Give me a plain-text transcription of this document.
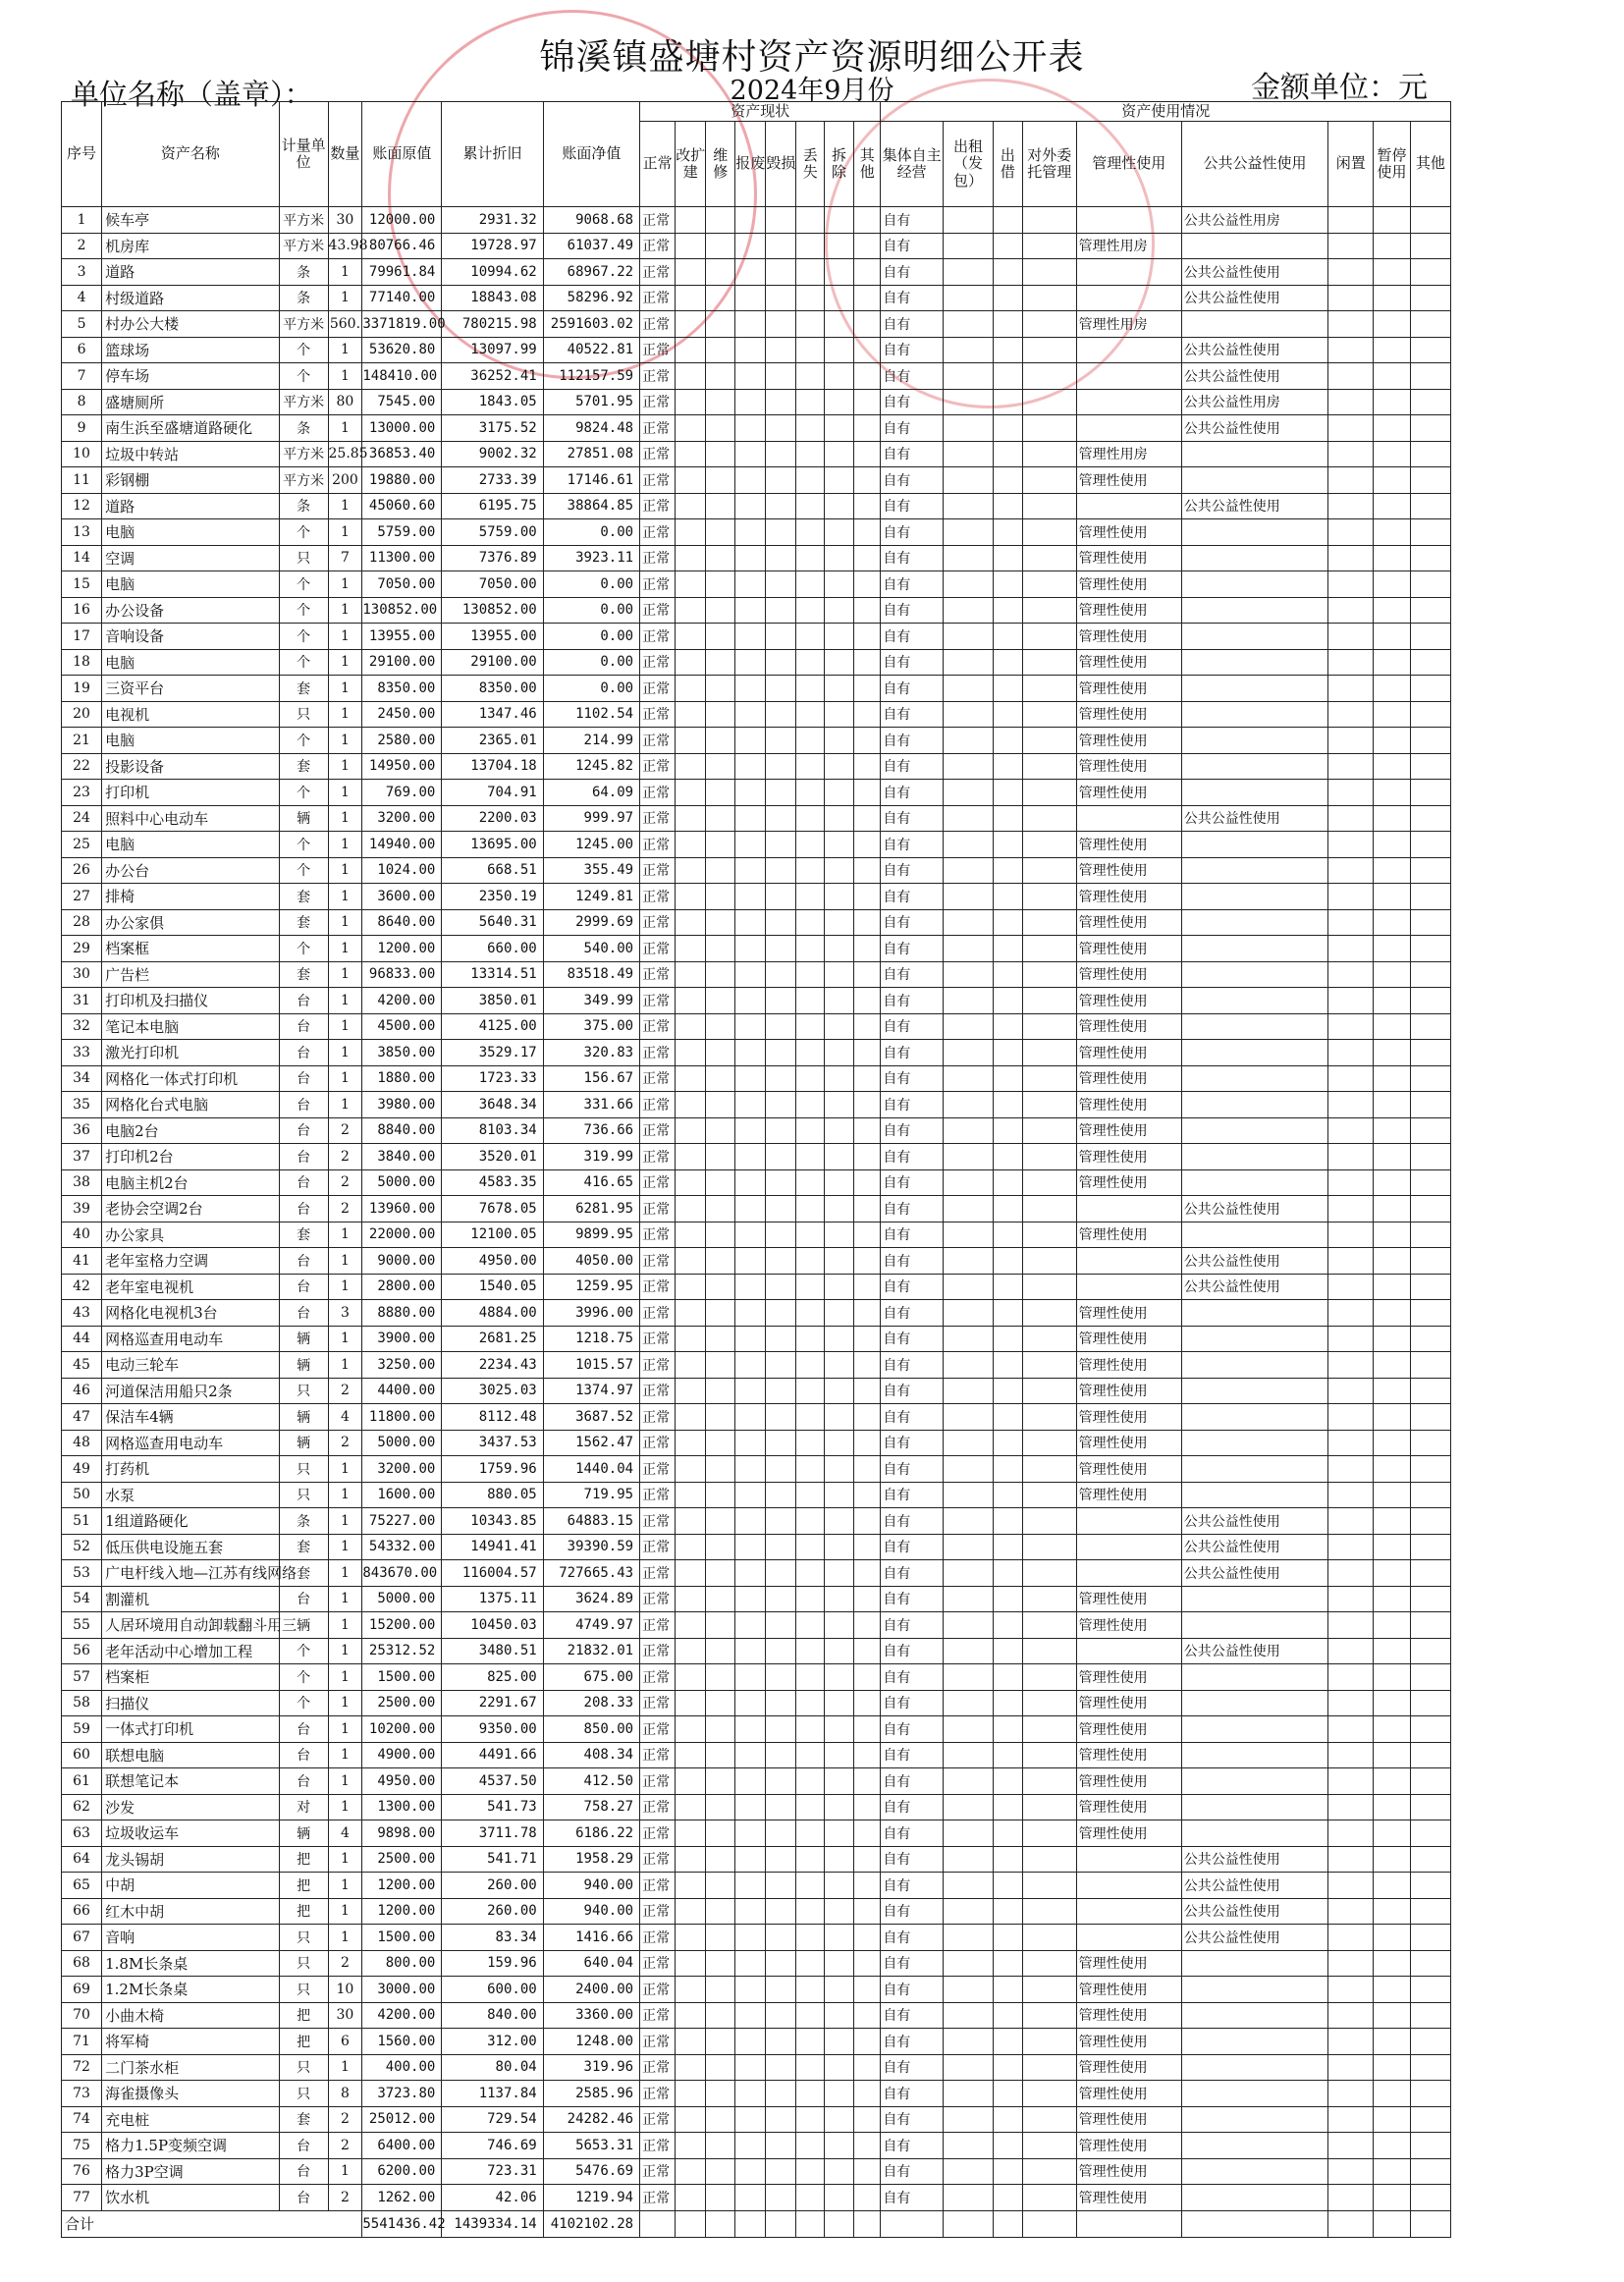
锦溪镇盛塘村资产资源明细公开表
单位名称（盖章）：	2024年9月份	金额单位：元
序号	资产名称	计量单位	数量	账面原值	累计折旧	账面净值	资产现状								资产使用情况								
							正常	改扩建	维修	报废	毁损	丢失	拆除	其他	集体自主经营	出租（发包）	出借	对外委托管理	管理性使用	公共公益性使用	闲置	暂停使用	其他
1	候车亭	平方米	30	12000.00	2931.32	9068.68	正常								自有					公共公益性用房			
2	机房库	平方米	43.98	80766.46	19728.97	61037.49	正常								自有				管理性用房				
3	道路	条	1	79961.84	10994.62	68967.22	正常								自有					公共公益性使用			
4	村级道路	条	1	77140.00	18843.08	58296.92	正常								自有					公共公益性使用			
5	村办公大楼	平方米	560.	3371819.00	780215.98	2591603.02	正常								自有				管理性用房				
6	篮球场	个	1	53620.80	13097.99	40522.81	正常								自有					公共公益性使用			
7	停车场	个	1	148410.00	36252.41	112157.59	正常								自有					公共公益性使用			
8	盛塘厕所	平方米	80	7545.00	1843.05	5701.95	正常								自有					公共公益性用房			
9	南生浜至盛塘道路硬化	条	1	13000.00	3175.52	9824.48	正常								自有					公共公益性使用			
10	垃圾中转站	平方米	25.85	36853.40	9002.32	27851.08	正常								自有				管理性用房				
11	彩钢棚	平方米	200	19880.00	2733.39	17146.61	正常								自有				管理性使用				
12	道路	条	1	45060.60	6195.75	38864.85	正常								自有					公共公益性使用			
13	电脑	个	1	5759.00	5759.00	0.00	正常								自有				管理性使用				
14	空调	只	7	11300.00	7376.89	3923.11	正常								自有				管理性使用				
15	电脑	个	1	7050.00	7050.00	0.00	正常								自有				管理性使用				
16	办公设备	个	1	130852.00	130852.00	0.00	正常								自有				管理性使用				
17	音响设备	个	1	13955.00	13955.00	0.00	正常								自有				管理性使用				
18	电脑	个	1	29100.00	29100.00	0.00	正常								自有				管理性使用				
19	三资平台	套	1	8350.00	8350.00	0.00	正常								自有				管理性使用				
20	电视机	只	1	2450.00	1347.46	1102.54	正常								自有				管理性使用				
21	电脑	个	1	2580.00	2365.01	214.99	正常								自有				管理性使用				
22	投影设备	套	1	14950.00	13704.18	1245.82	正常								自有				管理性使用				
23	打印机	个	1	769.00	704.91	64.09	正常								自有				管理性使用				
24	照料中心电动车	辆	1	3200.00	2200.03	999.97	正常								自有					公共公益性使用			
25	电脑	个	1	14940.00	13695.00	1245.00	正常								自有				管理性使用				
26	办公台	个	1	1024.00	668.51	355.49	正常								自有				管理性使用				
27	排椅	套	1	3600.00	2350.19	1249.81	正常								自有				管理性使用				
28	办公家俱	套	1	8640.00	5640.31	2999.69	正常								自有				管理性使用				
29	档案框	个	1	1200.00	660.00	540.00	正常								自有				管理性使用				
30	广告栏	套	1	96833.00	13314.51	83518.49	正常								自有				管理性使用				
31	打印机及扫描仪	台	1	4200.00	3850.01	349.99	正常								自有				管理性使用				
32	笔记本电脑	台	1	4500.00	4125.00	375.00	正常								自有				管理性使用				
33	激光打印机	台	1	3850.00	3529.17	320.83	正常								自有				管理性使用				
34	网格化一体式打印机	台	1	1880.00	1723.33	156.67	正常								自有				管理性使用				
35	网格化台式电脑	台	1	3980.00	3648.34	331.66	正常								自有				管理性使用				
36	电脑2台	台	2	8840.00	8103.34	736.66	正常								自有				管理性使用				
37	打印机2台	台	2	3840.00	3520.01	319.99	正常								自有				管理性使用				
38	电脑主机2台	台	2	5000.00	4583.35	416.65	正常								自有				管理性使用				
39	老协会空调2台	台	2	13960.00	7678.05	6281.95	正常								自有					公共公益性使用			
40	办公家具	套	1	22000.00	12100.05	9899.95	正常								自有				管理性使用				
41	老年室格力空调	台	1	9000.00	4950.00	4050.00	正常								自有					公共公益性使用			
42	老年室电视机	台	1	2800.00	1540.05	1259.95	正常								自有					公共公益性使用			
43	网格化电视机3台	台	3	8880.00	4884.00	3996.00	正常								自有				管理性使用				
44	网格巡查用电动车	辆	1	3900.00	2681.25	1218.75	正常								自有				管理性使用				
45	电动三轮车	辆	1	3250.00	2234.43	1015.57	正常								自有				管理性使用				
46	河道保洁用船只2条	只	2	4400.00	3025.03	1374.97	正常								自有				管理性使用				
47	保洁车4辆	辆	4	11800.00	8112.48	3687.52	正常								自有				管理性使用				
48	网格巡查用电动车	辆	2	5000.00	3437.53	1562.47	正常								自有				管理性使用				
49	打药机	只	1	3200.00	1759.96	1440.04	正常								自有				管理性使用				
50	水泵	只	1	1600.00	880.05	719.95	正常								自有				管理性使用				
51	1组道路硬化	条	1	75227.00	10343.85	64883.15	正常								自有					公共公益性使用			
52	低压供电设施五套	套	1	54332.00	14941.41	39390.59	正常								自有					公共公益性使用			
53	广电杆线入地—江苏有线网络	套	1	843670.00	116004.57	727665.43	正常								自有					公共公益性使用			
54	割灌机	台	1	5000.00	1375.11	3624.89	正常								自有				管理性使用				
55	人居环境用自动卸载翻斗用三	辆	1	15200.00	10450.03	4749.97	正常								自有				管理性使用				
56	老年活动中心增加工程	个	1	25312.52	3480.51	21832.01	正常								自有					公共公益性使用			
57	档案柜	个	1	1500.00	825.00	675.00	正常								自有				管理性使用				
58	扫描仪	个	1	2500.00	2291.67	208.33	正常								自有				管理性使用				
59	一体式打印机	台	1	10200.00	9350.00	850.00	正常								自有				管理性使用				
60	联想电脑	台	1	4900.00	4491.66	408.34	正常								自有				管理性使用				
61	联想笔记本	台	1	4950.00	4537.50	412.50	正常								自有				管理性使用				
62	沙发	对	1	1300.00	541.73	758.27	正常								自有				管理性使用				
63	垃圾收运车	辆	4	9898.00	3711.78	6186.22	正常								自有				管理性使用				
64	龙头锡胡	把	1	2500.00	541.71	1958.29	正常								自有					公共公益性使用			
65	中胡	把	1	1200.00	260.00	940.00	正常								自有					公共公益性使用			
66	红木中胡	把	1	1200.00	260.00	940.00	正常								自有					公共公益性使用			
67	音响	只	1	1500.00	83.34	1416.66	正常								自有					公共公益性使用			
68	1.8M长条桌	只	2	800.00	159.96	640.04	正常								自有				管理性使用				
69	1.2M长条桌	只	10	3000.00	600.00	2400.00	正常								自有				管理性使用				
70	小曲木椅	把	30	4200.00	840.00	3360.00	正常								自有				管理性使用				
71	将军椅	把	6	1560.00	312.00	1248.00	正常								自有				管理性使用				
72	二门茶水柜	只	1	400.00	80.04	319.96	正常								自有				管理性使用				
73	海雀摄像头	只	8	3723.80	1137.84	2585.96	正常								自有				管理性使用				
74	充电桩	套	2	25012.00	729.54	24282.46	正常								自有				管理性使用				
75	格力1.5P变频空调	台	2	6400.00	746.69	5653.31	正常								自有				管理性使用				
76	格力3P空调	台	1	6200.00	723.31	5476.69	正常								自有				管理性使用				
77	饮水机	台	2	1262.00	42.06	1219.94	正常								自有				管理性使用				
合计				5541436.42	1439334.14	4102102.28																	
